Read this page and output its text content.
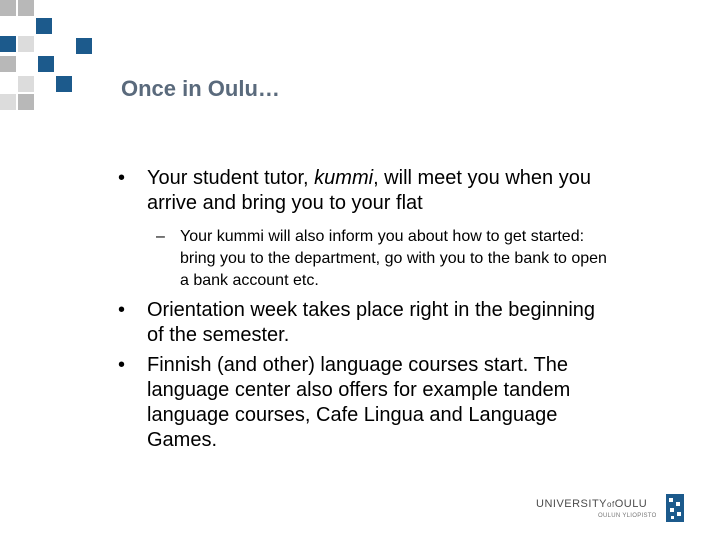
Once in Oulu…
•	Your student tutor, kummi, will meet you when you arrive and bring you to your flat
– Your kummi will also inform you about how to get started: bring you to the department, go with you to the bank to open a bank account etc.
•	Orientation week takes place right in the beginning of the semester.
•	Finnish (and other) language courses start. The language center also offers for example tandem language courses, Cafe Lingua and Language Games.
UNIVERSITYofOULU
OULUN YLIOPISTO
